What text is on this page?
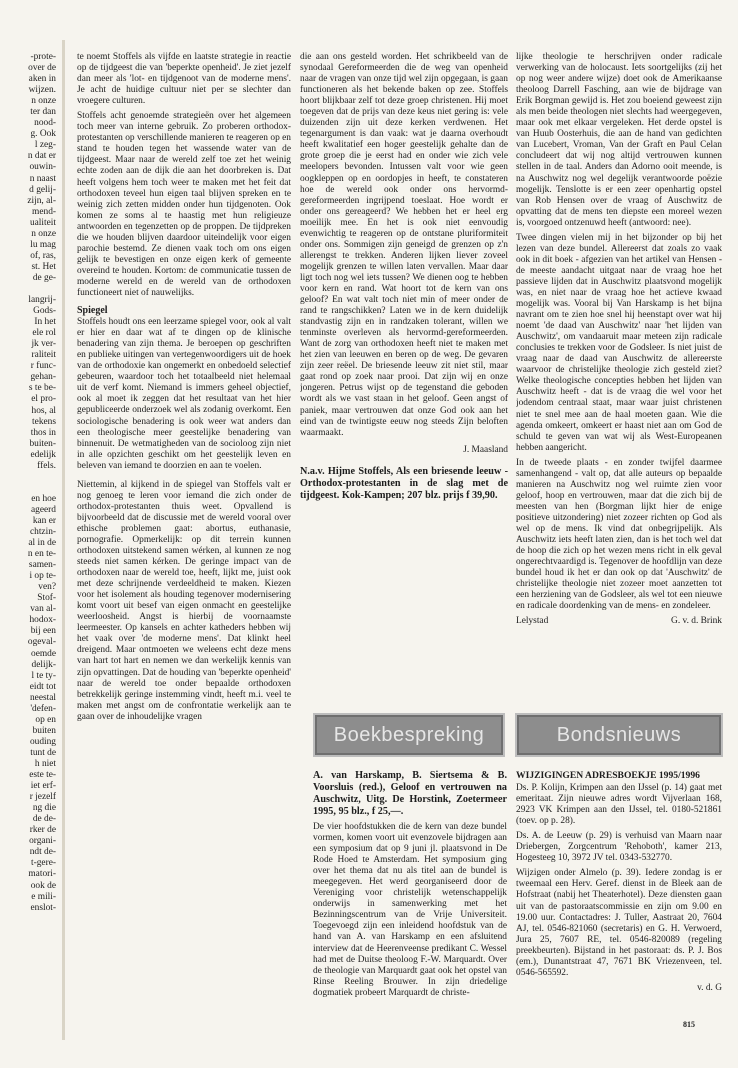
-prote-
over de
aken in
wijzen.
n onze
ter dan
nood-
g. Ook
l zeg-
n dat er
ouwin-
n naast
d gelij-
zijn, al-
mend-
ualiteit
n onze
lu mag
of, ras,
st. Het
de ge-
langrij-
Gods-
In het
ele rol
jk ver-
raliteit
r func-
gehan-
s te be-
el pro-
hos, al
tekens
thos in
buiten-
edelijk
ffels.
en hoe
ageerd
kan er
chtzin-
al in de
n en te-
samen-
i op te-
ven?
Stof-
van al-
hodox-
bij een
ogeval-
oemde
delijk-
l te ty-
eidt tot
neestal
'defen-
op en
buiten
ouding
tunt de
h niet
este te-
iet erf-
r jezelf
ng die
de de-
rker de
organi-
ndt de-
t-gere-
matori-
ook de
e mili-
enslot-

te noemt Stoffels als vijfde en laatste strategie in reactie op de tijdgeest die van 'beperkte openheid'. Je ziet jezelf dan meer als 'lot- en tijdgenoot van de moderne mens'. Je acht de huidige cultuur niet per se slechter dan vroegere culturen.

Stoffels acht genoemde strategieën over het algemeen toch meer van interne gebruik. Zo proberen orthodox-protestanten op verschillende manieren te reageren op en stand te houden tegen het wassende water van de tijdgeest. Maar naar de wereld zelf toe zet het weinig echte zoden aan de dijk die aan het doorbreken is. Dat heeft volgens hem toch weer te maken met het feit dat orthodoxen teveel hun eigen taal blijven spreken en te weinig zich zetten midden onder hun tijdgenoten. Ook komen ze soms al te haastig met hun religieuze antwoorden en tegenzetten op de proppen. De tijdpreken die we houden blijven daardoor uiteindelijk voor eigen parochie bestemd. Ze dienen vaak toch om ons eigen gelijk te bevestigen en onze eigen kerk of gemeente overeind te houden. Kortom: de communicatie tussen de moderne wereld en de wereld van de orthodoxen functioneert niet of nauwelijks.

Spiegel

Stoffels houdt ons een leerzame spiegel voor, ook al valt er hier en daar wat af te dingen op de klinische benadering van zijn thema. Je beroepen op geschriften en publieke uitingen van vertegenwoordigers uit de hoek van de orthodoxie kan ongemerkt en onbedoeld selectief gebeuren, waardoor toch het totaalbeeld niet helemaal uit de verf komt. Niemand is immers geheel objectief, ook al moet ik zeggen dat het resultaat van het hier gepubliceerde onderzoek wel als zodanig overkomt. Een sociologische benadering is ook weer wat anders dan een theologische meer geestelijke benadering van binnenuit. De wetmatigheden van de socioloog zijn niet in alle opzichten geschikt om het geestelijk leven en beleven van iemand te doorzien en aan te voelen.

Niettemin, al kijkend in de spiegel van Stoffels valt er nog genoeg te leren voor iemand die zich onder de orthodox-protestanten thuis weet. Opvallend is bijvoorbeeld dat de discussie met de wereld vooral over ethische problemen gaat: abortus, euthanasie, pornografie. Opmerkelijk: op dit terrein kunnen orthodoxen uitstekend samen wérken, al kunnen ze nog steeds niet samen kérken. De geringe impact van de orthodoxen naar de wereld toe, heeft, lijkt me, juist ook met deze schrijnende verdeeldheid te maken. Kiezen voor het isolement als houding tegenover modernisering komt voort uit besef van eigen onmacht en geestelijke weerloosheid. Angst is hierbij de voornaamste leermeester. Op kansels en achter katheders hebben wij het vaak over 'de moderne mens'. Dat klinkt heel dreigend. Maar ontmoeten we weleens echt deze mens van hart tot hart en nemen we dan werkelijk kennis van zijn opvattingen. Dat de houding van 'beperkte openheid' naar de wereld toe onder bepaalde orthodoxen betrekkelijk geringe instemming vindt, heeft m.i. veel te maken met angst om de confrontatie werkelijk aan te gaan over de inhoudelijke vragen

die aan ons gesteld worden. Het schrikbeeld van de synodaal Gereformeerden die de weg van openheid naar de vragen van onze tijd wel zijn opgegaan, is gaan functioneren als het bekende baken op zee. Stoffels hoort blijkbaar zelf tot deze groep christenen. Hij moet toegeven dat de prijs van deze keus niet gering is: vele duizenden zijn uit deze kerken verdwenen. Het tegenargument is dan vaak: wat je daarna overhoudt heeft kwalitatief een hoger geestelijk gehalte dan de grote groep die je eerst had en onder wie zich vele meelopers bevonden. Intussen valt voor wie geen oogkleppen op en oordopjes in heeft, te constateren hoe de wereld ook onder ons hervormd-gereformeerden ingrijpend toeslaat. Hoe wordt er onder ons gereageerd? We hebben het er heel erg moeilijk mee. En het is ook niet eenvoudig evenwichtig te reageren op de ontstane pluriformiteit onder ons. Sommigen zijn geneigd de grenzen op z'n allerengst te trekken. Anderen lijken liever zoveel mogelijk grenzen te willen laten vervallen. Maar daar ligt toch nog wel iets tussen? We dienen oog te hebben voor kern en rand. Wat hoort tot de kern van ons geloof? En wat valt toch niet min of meer onder de rand te rangschikken? Laten we in de kern duidelijk standvastig zijn en in randzaken tolerant, willen we tenminste overleven als hervormd-gereformeerden. Want de zorg van orthodoxen heeft niet te maken met het zien van leeuwen en beren op de weg. De gevaren zijn zeer reëel. De briesende leeuw zit niet stil, maar gaat rond op zoek naar prooi. Dat zijn wij en onze jongeren. Petrus wijst op de tegenstand die geboden wordt als we vast staan in het geloof. Geen angst of paniek, maar vertrouwen dat onze God ook aan het eind van de twintigste eeuw nog steeds Zijn beloften waarmaakt.

J. Maasland

N.a.v. Hijme Stoffels, Als een briesende leeuw - Orthodox-protestanten in de slag met de tijdgeest. Kok-Kampen; 207 blz. prijs f 39,90.

Boekbespreking
A. van Harskamp, B. Siertsema & B. Voorsluis (red.), Geloof en vertrouwen na Auschwitz, Uitg. De Horstink, Zoetermeer 1995, 95 blz., f 25,—.

De vier hoofdstukken die de kern van deze bundel vormen, komen voort uit evenzovele bijdragen aan een symposium dat op 9 juni jl. plaatsvond in De Rode Hoed te Amsterdam. Het symposium ging over het thema dat nu als titel aan de bundel is meegegeven. Het werd georganiseerd door de Vereniging voor christelijk wetenschappelijk onderwijs in samenwerking met het Bezinningscentrum van de Vrije Universiteit. Toegevoegd zijn een inleidend hoofdstuk van de hand van A. van Harskamp en een afsluitend interview dat de Heerenveense predikant C. Wessel had met de Duitse theoloog F.-W. Marquardt. Over de theologie van Marquardt gaat ook het opstel van Rinse Reeling Brouwer. In zijn driedelige dogmatiek probeert Marquardt de christe-

lijke theologie te herschrijven onder radicale verwerking van de holocaust. Iets soortgelijks (zij het op nog weer andere wijze) doet ook de Amerikaanse theoloog Darrell Fasching, aan wie de bijdrage van Erik Borgman gewijd is. Het zou boeiend geweest zijn als men beide theologen niet slechts had weergegeven, maar ook met elkaar vergeleken. Het derde opstel is van Huub Oosterhuis, die aan de hand van gedichten van Lucebert, Vroman, Van der Graft en Paul Celan concludeert dat wij nog altijd vertrouwen kunnen stellen in de taal. Anders dan Adorno ooit meende, is na Auschwitz nog wel degelijk verantwoorde poëzie mogelijk. Tenslotte is er een zeer openhartig opstel van Rob Hensen over de vraag of Auschwitz de opvatting dat de mens ten diepste een moreel wezen is, voorgoed ontzenuwd heeft (antwoord: nee).

Twee dingen vielen mij in het bijzonder op bij het lezen van deze bundel. Allereerst dat zoals zo vaak ook in dit boek - afgezien van het artikel van Hensen - de meeste aandacht uitgaat naar de vraag hoe het passieve lijden dat in Auschwitz plaatsvond mogelijk was, en niet naar de vraag hoe het actieve kwaad mogelijk was. Vooral bij Van Harskamp is het bijna navrant om te zien hoe snel hij heenstapt over wat hij noemt 'de daad van Auschwitz' naar 'het lijden van Auschwitz', om vandaaruit maar meteen zijn radicale conclusies te trekken voor de Godsleer. Is niet juist de vraag naar de daad van Auschwitz de allereerste waarvoor de christelijke theologie zich gesteld ziet? Welke theologische concepties hebben het lijden van Auschwitz heeft - dat is de vraag die wel voor het jodendom centraal staat, maar waar juist christenen niet te snel mee aan de haal moeten gaan. Wie die agenda omkeert, omkeert er haast niet aan om God de schuld te geven van wat wij als West-Europeanen hebben aangericht.

In de tweede plaats - en zonder twijfel daarmee samenhangend - valt op, dat alle auteurs op bepaalde manieren na Auschwitz nog wel ruimte zien voor geloof, hoop en vertrouwen, maar dat die zich bij de meesten van hen (Borgman lijkt hier de enige positieve uitzondering) niet zozeer richten op God als wel op de mens. Ik vind dat onbegrijpelijk. Als Auschwitz iets heeft laten zien, dan is het toch wel dat de hoop die zich op het wezen mens richt in elk geval ongerechtvaardigd is. Tegenover de hoofdlijn van deze bundel houd ik het er dan ook op dat 'Auschwitz' de christelijke theologie niet zozeer moet aanzetten tot een herziening van de Godsleer, als wel tot een nieuwe en radicale doordenking van de mens- en zondeleer.

Lelystad	G. v. d. Brink
Bondsnieuws
WIJZIGINGEN ADRESBOEKJE 1995/1996

Ds. P. Kolijn, Krimpen aan den IJssel (p. 14) gaat met emeritaat. Zijn nieuwe adres wordt Vijverlaan 168, 2923 VK Krimpen aan den IJssel, tel. 0180-521861 (toev. op p. 28).

Ds. A. de Leeuw (p. 29) is verhuisd van Maarn naar Driebergen, Zorgcentrum 'Rehoboth', kamer 213, Hogesteeg 10, 3972 JV tel. 0343-532770.

Wijzigen onder Almelo (p. 39). Iedere zondag is er tweemaal een Herv. Geref. dienst in de Bleek aan de Hofstraat (nabij het Theaterhotel). Deze diensten gaan uit van de pastoraatscommissie en zijn om 9.00 en 19.00 uur. Contactadres: J. Tuller, Aastraat 20, 7604 AJ, tel. 0546-821060 (secretaris) en G. H. Verwoerd, Jura 25, 7607 RE, tel. 0546-820089 (regeling preekbeurten). Bijstand in het pastoraat: ds. P. J. Bos (em.), Dunantstraat 47, 7671 BK Vriezenveen, tel. 0546-565592.

v. d. G
815
